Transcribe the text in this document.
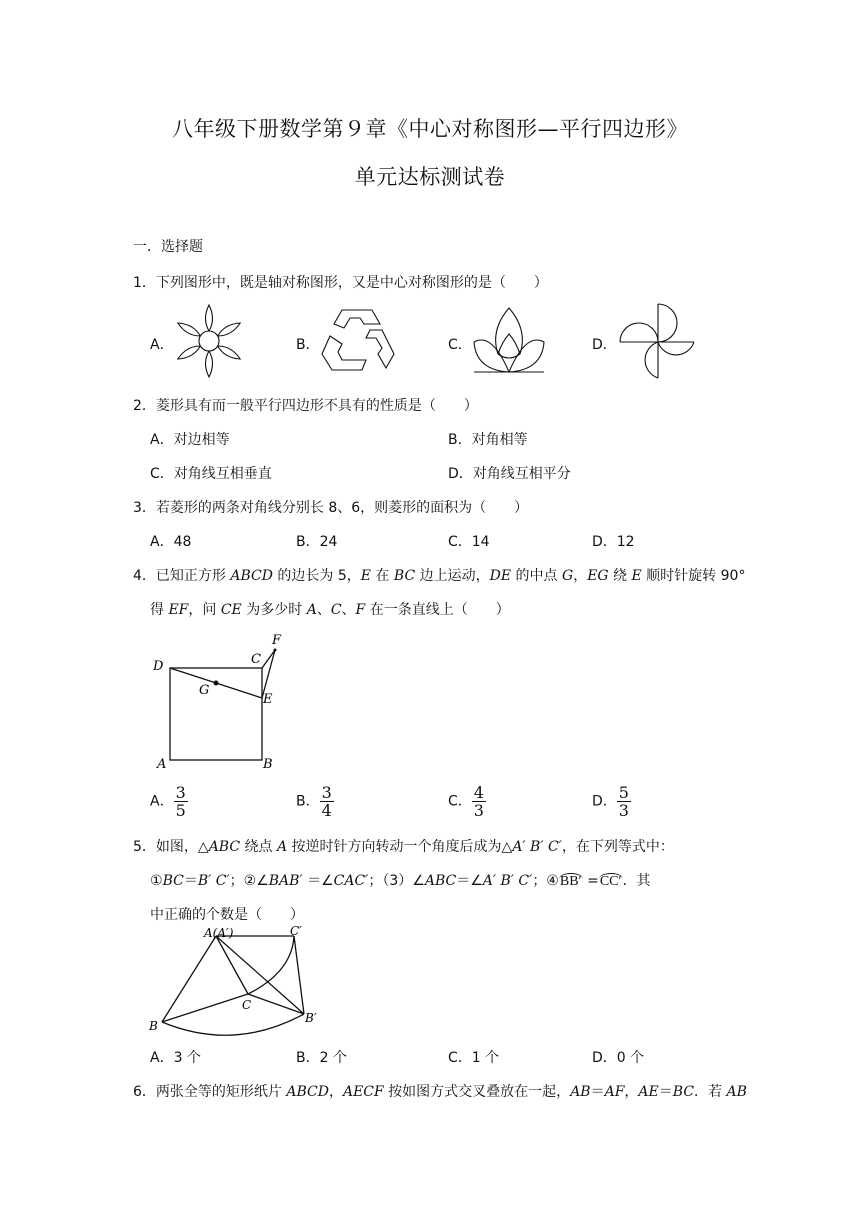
八年级下册数学第９章《中心对称图形—平行四边形》
单元达标测试卷
一．选择题
1．下列图形中，既是轴对称图形，又是中心对称图形的是（　　）
A．	B．	C．	D．
2．菱形具有而一般平行四边形不具有的性质是（　　）
A．对边相等	B．对角相等
C．对角线互相垂直	D．对角线互相平分
3．若菱形的两条对角线分别长 8、6，则菱形的面积为（　　）
A．48	B．24	C．14	D．12
4．已知正方形 ABCD 的边长为 5，E 在 BC 边上运动，DE 的中点 G，EG 绕 E 顺时针旋转 90°
得 EF，问 CE 为多少时 A、C、F 在一条直线上（　　）
D	C
F
G
E
A	B
A． $\frac{3}{5}$	B． $\frac{3}{4}$	C． $\frac{4}{3}$	D． $\frac{5}{3}$
5．如图，△ABC 绕点 A 按逆时针方向转动一个角度后成为△A′ B′ C′，在下列等式中：
①BC＝B′ C′；②∠BAB′ ＝∠CAC′；（3）∠ABC＝∠A′ B′ C′；④BB′ =CC′．其
中正确的个数是（　　）
A(A′)	C′
C
B
B′
A．3 个	B．2 个	C．1 个	D．0 个
6．两张全等的矩形纸片 ABCD，AECF 按如图方式交叉叠放在一起，AB＝AF，AE＝BC．若 AB
